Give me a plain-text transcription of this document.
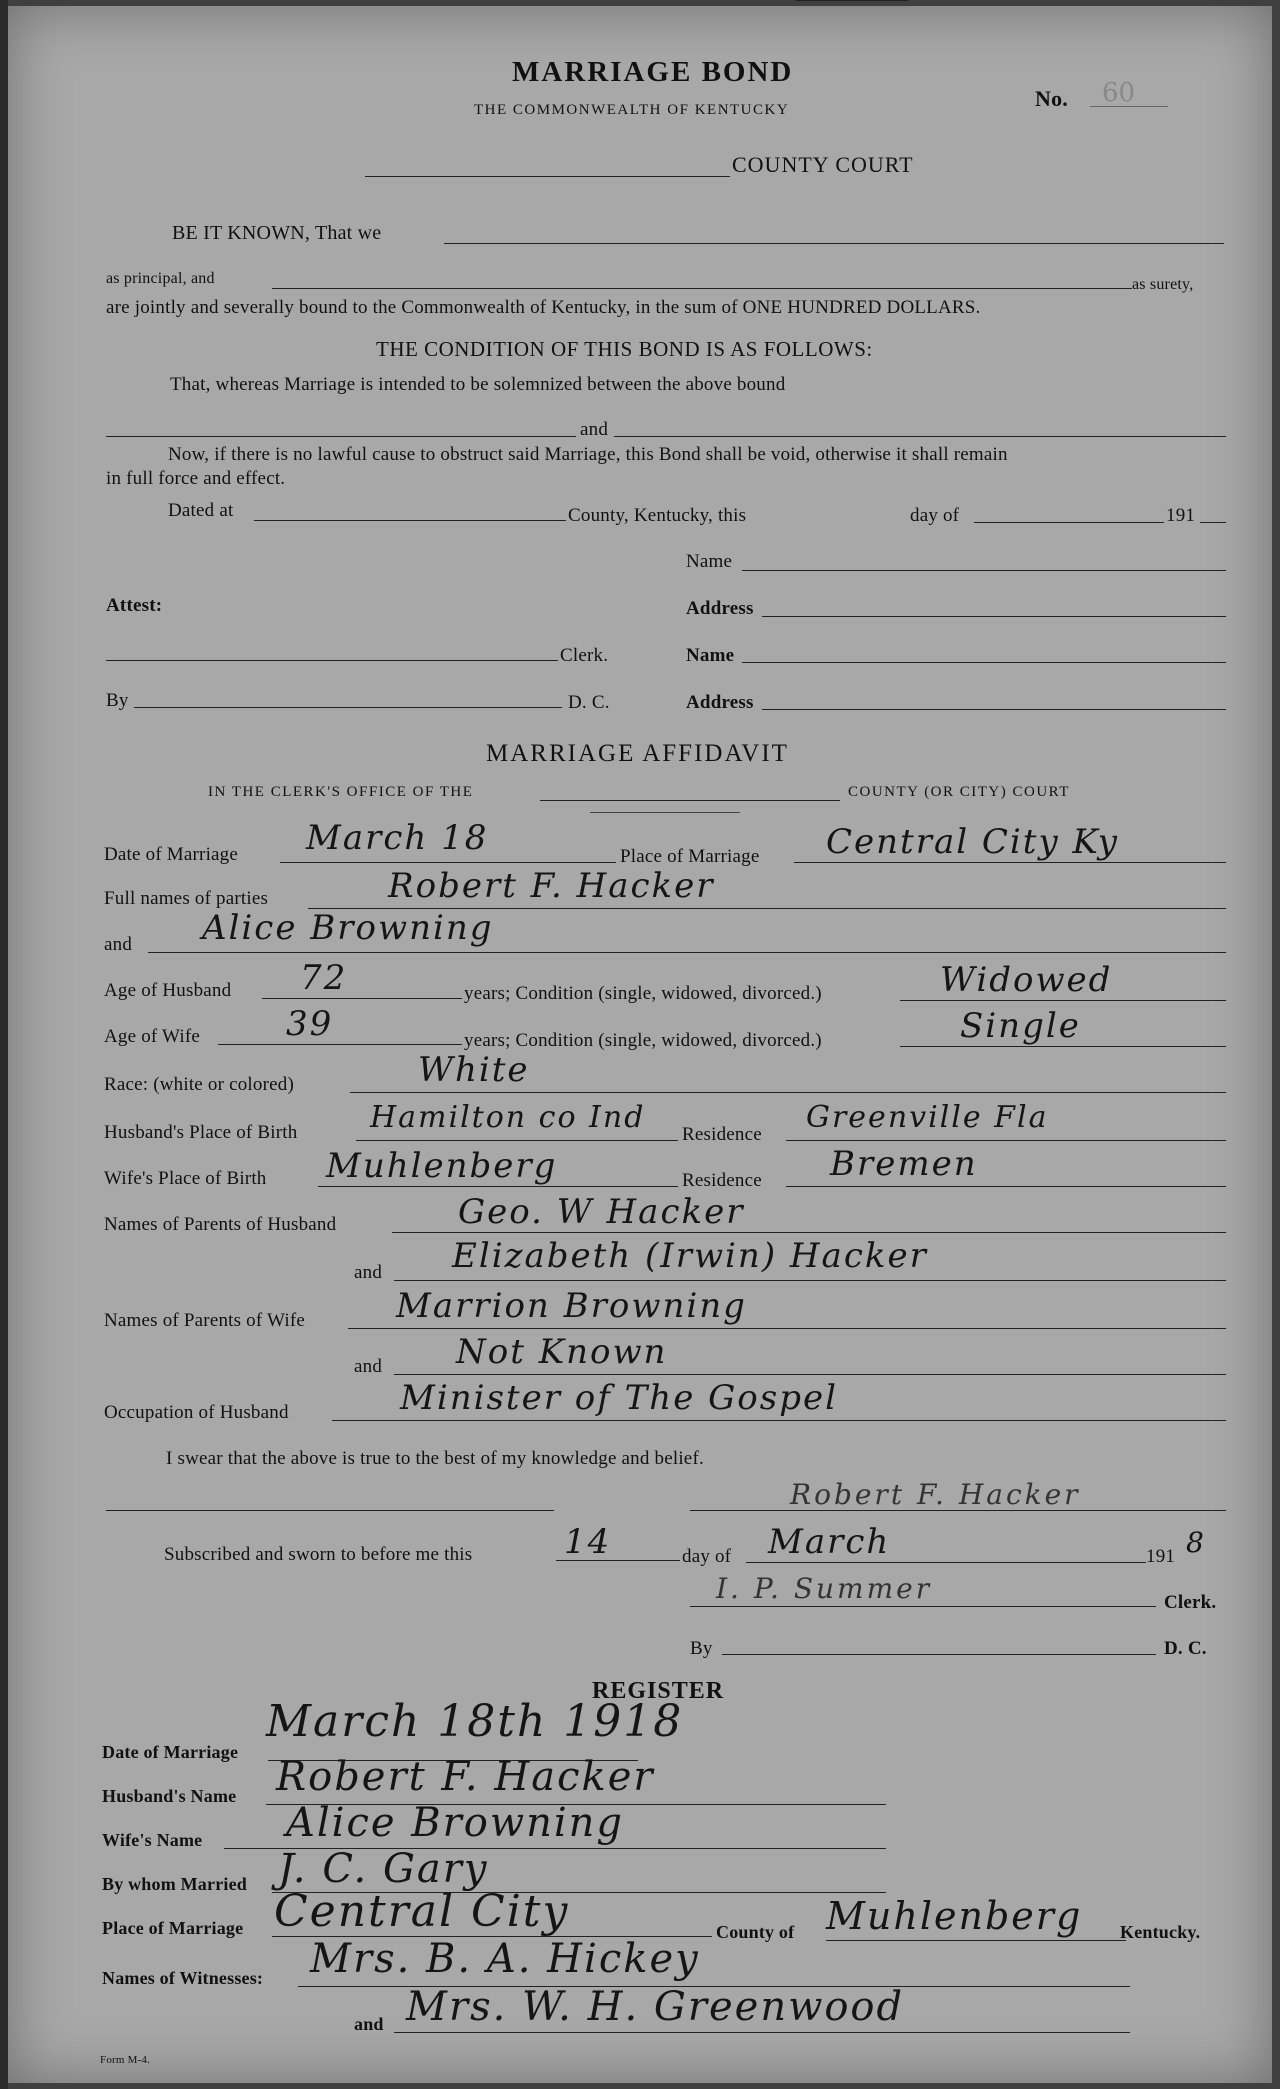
MARRIAGE BOND
THE COMMONWEALTH OF KENTUCKY	No. 60
COUNTY COURT
BE IT KNOWN, That we
as principal, and	as surety,
are jointly and severally bound to the Commonwealth of Kentucky, in the sum of ONE HUNDRED DOLLARS.
THE CONDITION OF THIS BOND IS AS FOLLOWS:
That, whereas Marriage is intended to be solemnized between the above bound
and
Now, if there is no lawful cause to obstruct said Marriage, this Bond shall be void, otherwise it shall remain
in full force and effect.
Dated at	County, Kentucky, this	day of	191
Name
Attest:	Address
Clerk.	Name
By	D. C.	Address
MARRIAGE AFFIDAVIT
IN THE CLERK'S OFFICE OF THE	COUNTY (OR CITY) COURT
Date of Marriage March 18	Place of Marriage Central City Ky
Full names of parties	Robert F. Hacker
and Alice Browning
Age of Husband 72	years; Condition (single, widowed, divorced.)	Widowed
Age of Wife	39	years; Condition (single, widowed, divorced.)	Single
Race: (white or colored)	White
Husband's Place of Birth Hamilton co Ind Residence Greenville Fla
Wife's Place of Birth Muhlenberg	Residence Bremen
Names of Parents of Husband	Geo. W Hacker
and Elizabeth (Irwin) Hacker
Names of Parents of Wife	Marrion Browning
and Not Known
Occupation of Husband	Minister of The Gospel
I swear that the above is true to the best of my knowledge and belief.
Robert F. Hacker
Subscribed and sworn to before me this	14	day of March	191 8
I. P. Summer	Clerk.
By	D. C.
REGISTER
Date of Marriage
March 18th 1918
Husband's Name Robert F. Hacker
Wife's Name Alice Browning
By whom Married J. C. Gary
Place of Marriage Central City	County of Muhlenberg Kentucky.
Names of Witnesses: Mrs. B. A. Hickey
and Mrs. W. H. Greenwood
Form M-4.
